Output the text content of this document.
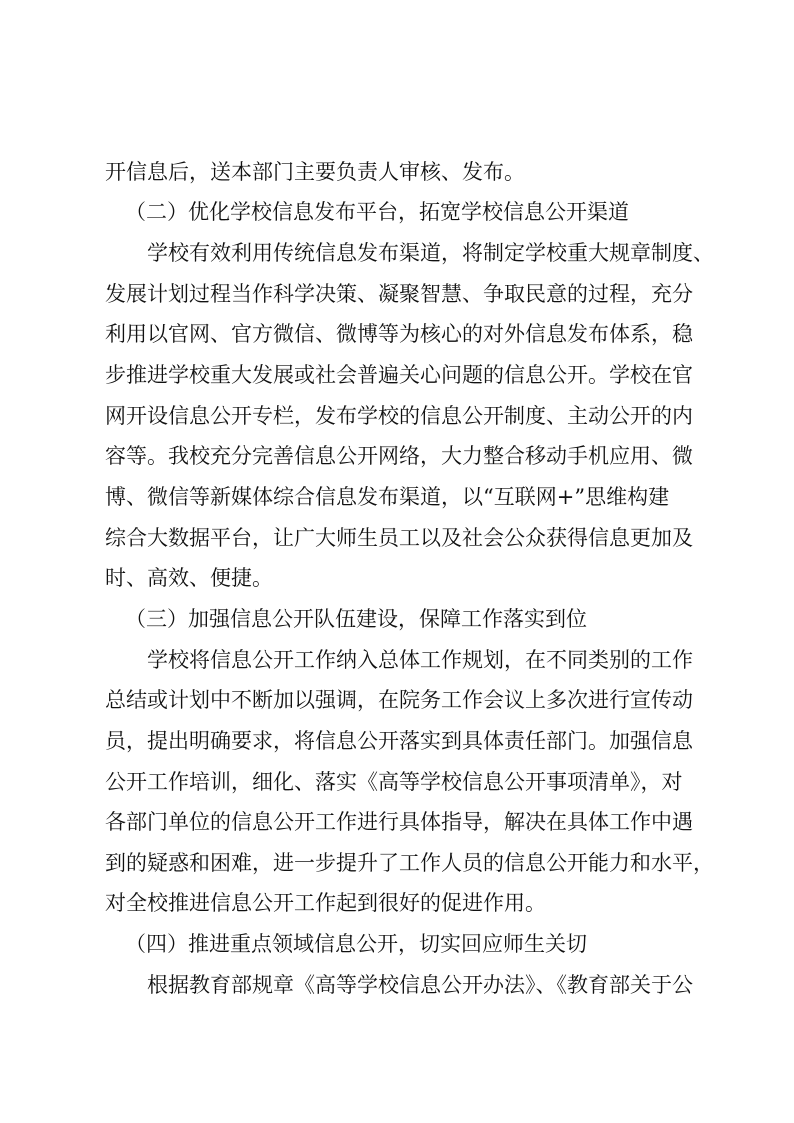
开信息后，送本部门主要负责人审核、发布。
（二）优化学校信息发布平台，拓宽学校信息公开渠道
学校有效利用传统信息发布渠道，将制定学校重大规章制度、
发展计划过程当作科学决策、凝聚智慧、争取民意的过程，充分
利用以官网、官方微信、微博等为核心的对外信息发布体系，稳
步推进学校重大发展或社会普遍关心问题的信息公开。学校在官
网开设信息公开专栏，发布学校的信息公开制度、主动公开的内
容等。我校充分完善信息公开网络，大力整合移动手机应用、微
博、微信等新媒体综合信息发布渠道，以“互联网+”思维构建
综合大数据平台，让广大师生员工以及社会公众获得信息更加及
时、高效、便捷。
（三）加强信息公开队伍建设，保障工作落实到位
学校将信息公开工作纳入总体工作规划，在不同类别的工作
总结或计划中不断加以强调，在院务工作会议上多次进行宣传动
员，提出明确要求，将信息公开落实到具体责任部门。加强信息
公开工作培训，细化、落实《高等学校信息公开事项清单》，对
各部门单位的信息公开工作进行具体指导，解决在具体工作中遇
到的疑惑和困难，进一步提升了工作人员的信息公开能力和水平，
对全校推进信息公开工作起到很好的促进作用。
（四）推进重点领域信息公开，切实回应师生关切
根据教育部规章《高等学校信息公开办法》、《教育部关于公
